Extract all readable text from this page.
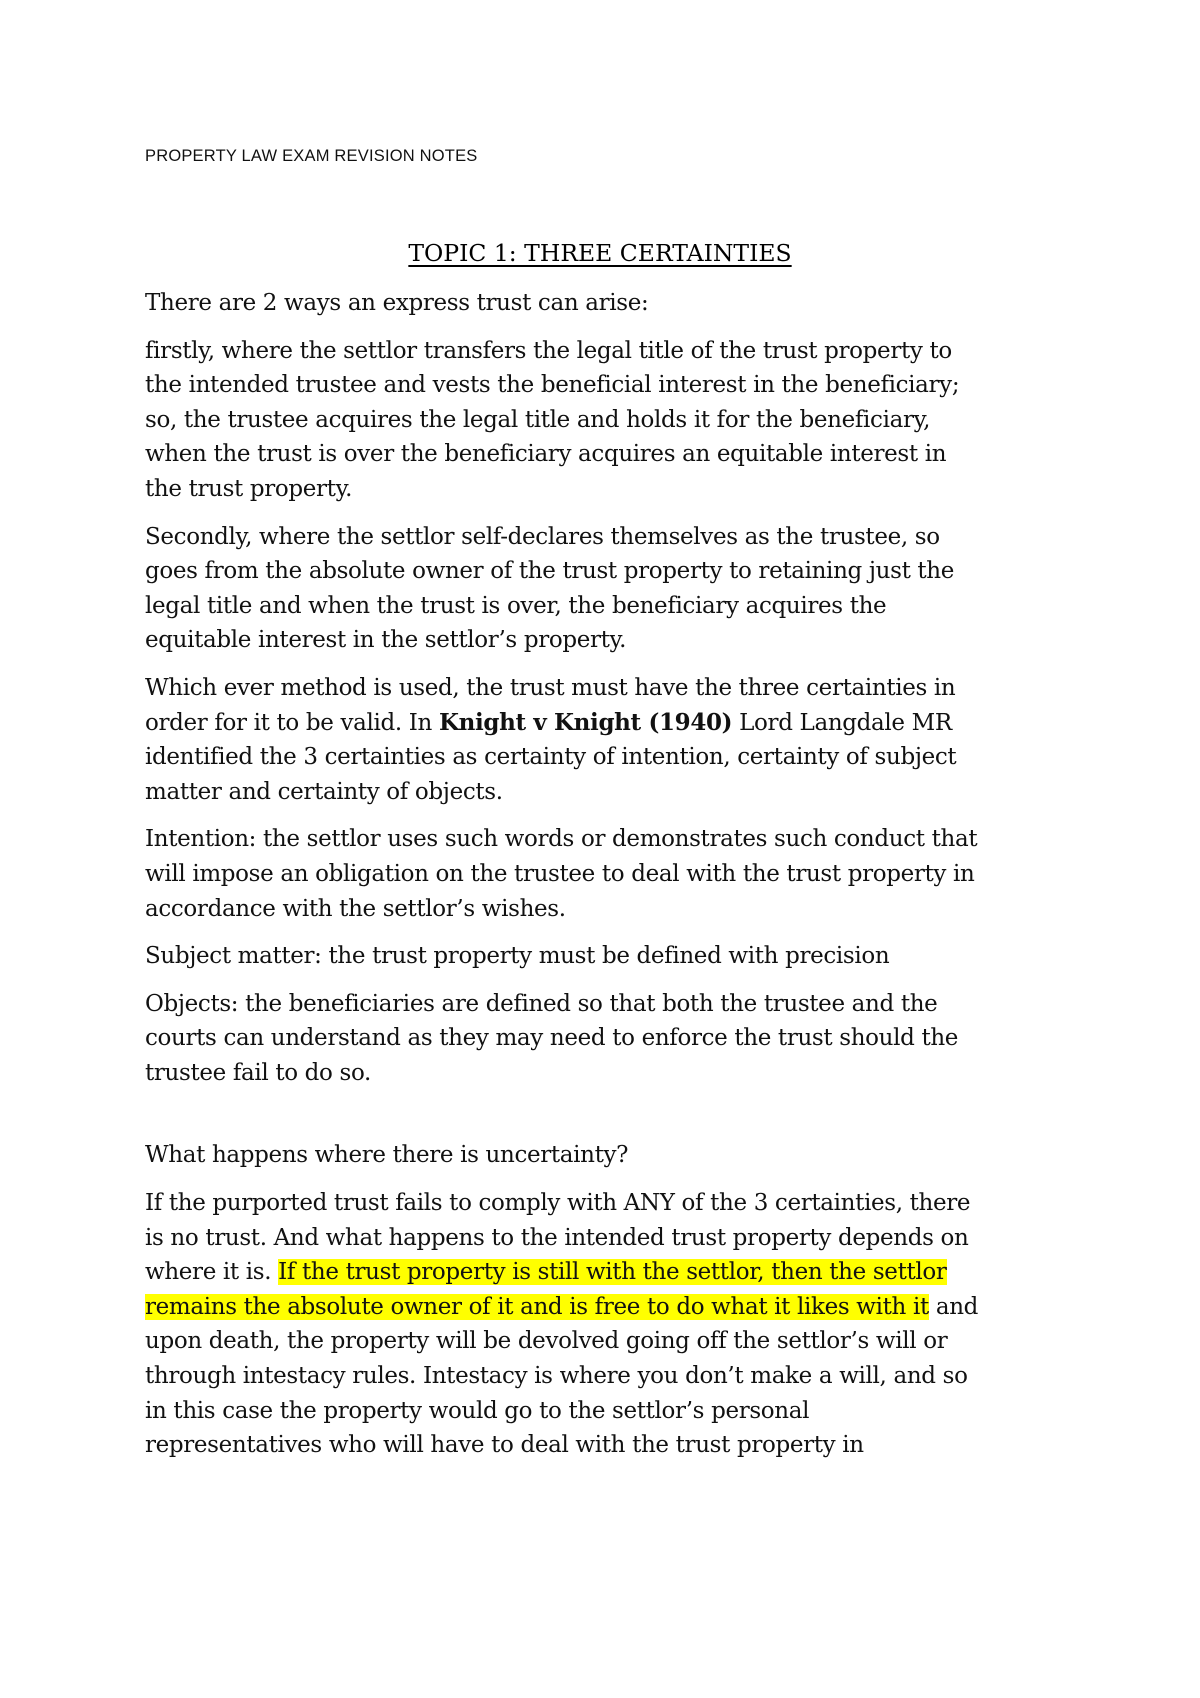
PROPERTY LAW EXAM REVISION NOTES
TOPIC 1: THREE CERTAINTIES

There are 2 ways an express trust can arise:

firstly, where the settlor transfers the legal title of the trust property to
the intended trustee and vests the beneficial interest in the beneficiary;
so, the trustee acquires the legal title and holds it for the beneficiary,
when the trust is over the beneficiary acquires an equitable interest in
the trust property.

Secondly, where the settlor self-declares themselves as the trustee, so
goes from the absolute owner of the trust property to retaining just the
legal title and when the trust is over, the beneficiary acquires the
equitable interest in the settlor’s property.

Which ever method is used, the trust must have the three certainties in
order for it to be valid. In Knight v Knight (1940) Lord Langdale MR
identified the 3 certainties as certainty of intention, certainty of subject
matter and certainty of objects.

Intention: the settlor uses such words or demonstrates such conduct that
will impose an obligation on the trustee to deal with the trust property in
accordance with the settlor’s wishes.

Subject matter: the trust property must be defined with precision

Objects: the beneficiaries are defined so that both the trustee and the
courts can understand as they may need to enforce the trust should the
trustee fail to do so.

What happens where there is uncertainty?

If the purported trust fails to comply with ANY of the 3 certainties, there
is no trust. And what happens to the intended trust property depends on
where it is. If the trust property is still with the settlor, then the settlor
remains the absolute owner of it and is free to do what it likes with it and
upon death, the property will be devolved going off the settlor’s will or
through intestacy rules. Intestacy is where you don’t make a will, and so
in this case the property would go to the settlor’s personal
representatives who will have to deal with the trust property in
